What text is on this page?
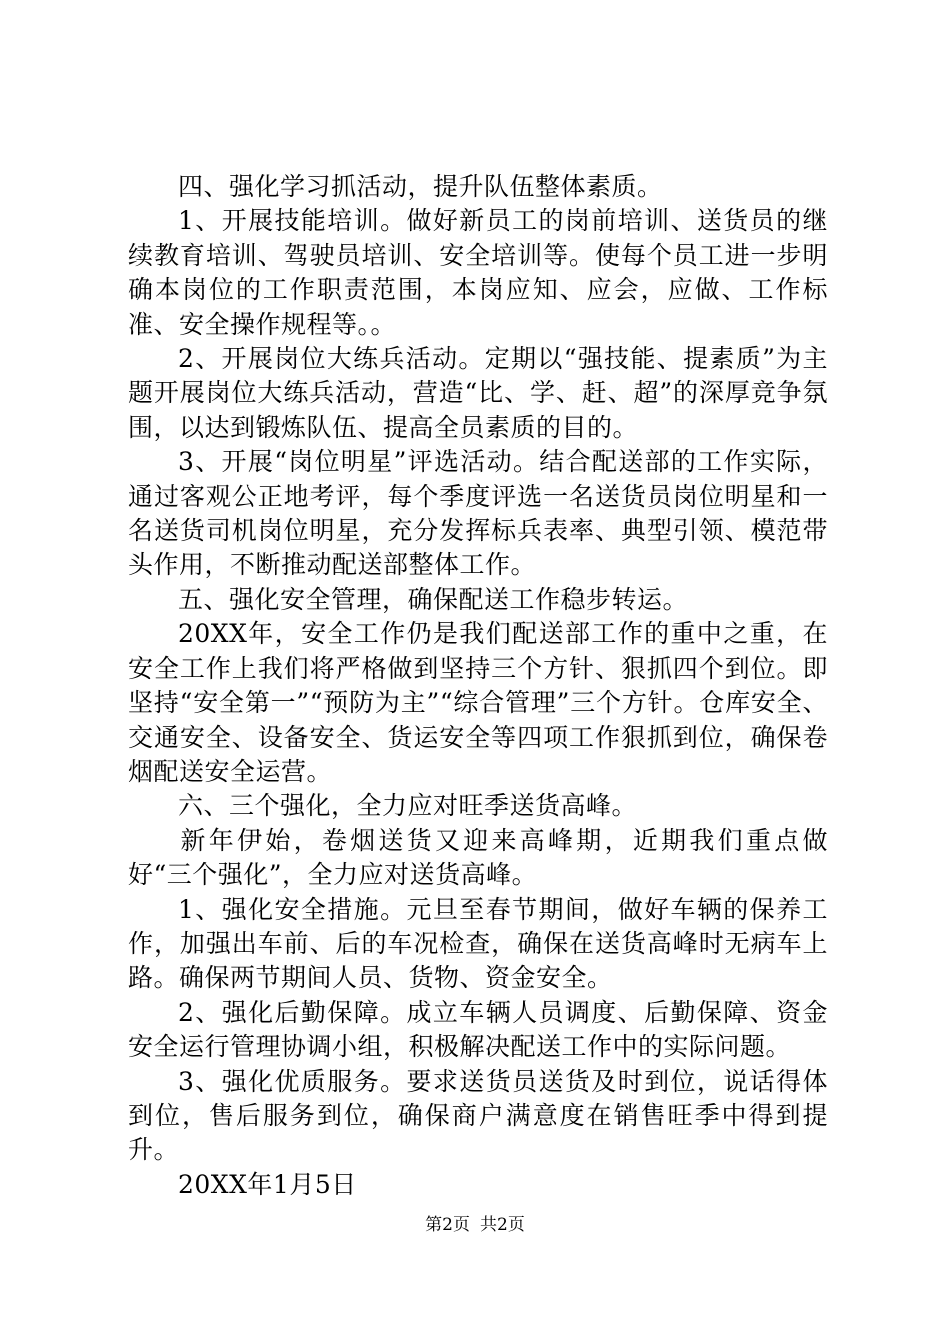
四、强化学习抓活动，提升队伍整体素质。

1、开展技能培训。做好新员工的岗前培训、送货员的继续教育培训、驾驶员培训、安全培训等。使每个员工进一步明确本岗位的工作职责范围，本岗应知、应会，应做、工作标准、安全操作规程等。。

2、开展岗位大练兵活动。定期以“强技能、提素质”为主题开展岗位大练兵活动，营造“比、学、赶、超”的深厚竞争氛围，以达到锻炼队伍、提高全员素质的目的。

3、开展“岗位明星”评选活动。结合配送部的工作实际，通过客观公正地考评，每个季度评选一名送货员岗位明星和一名送货司机岗位明星，充分发挥标兵表率、典型引领、模范带头作用，不断推动配送部整体工作。

五、强化安全管理，确保配送工作稳步转运。

20XX年，安全工作仍是我们配送部工作的重中之重，在安全工作上我们将严格做到坚持三个方针、狠抓四个到位。即坚持“安全第一”“预防为主”“综合管理”三个方针。仓库安全、交通安全、设备安全、货运安全等四项工作狠抓到位，确保卷烟配送安全运营。

六、三个强化，全力应对旺季送货高峰。

新年伊始，卷烟送货又迎来高峰期，近期我们重点做好“三个强化”，全力应对送货高峰。

1、强化安全措施。元旦至春节期间，做好车辆的保养工作，加强出车前、后的车况检查，确保在送货高峰时无病车上路。确保两节期间人员、货物、资金安全。

2、强化后勤保障。成立车辆人员调度、后勤保障、资金安全运行管理协调小组，积极解决配送工作中的实际问题。

3、强化优质服务。要求送货员送货及时到位，说话得体到位，售后服务到位，确保商户满意度在销售旺季中得到提升。

20XX年1月5日

第2页 共2页
